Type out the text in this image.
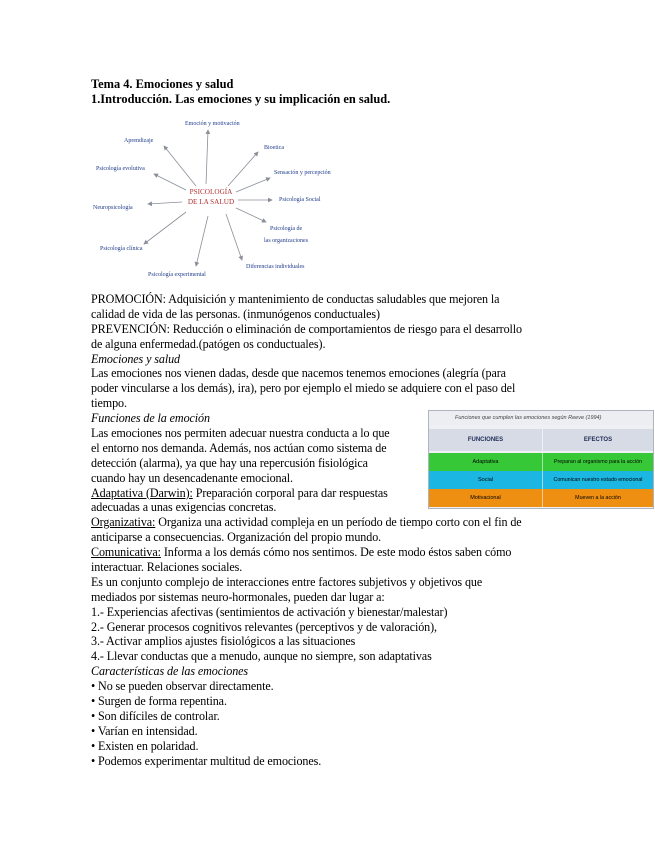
Tema 4. Emociones y salud
1.Introducción. Las emociones y su implicación en salud.
PSICOLOGÍA
DE LA SALUD
Emoción y motivación
Aprendizaje
Bioetica
Psicología evolutiva
Sensación y percepción
Neuropsicología
Psicología Social
Psicología de
las organizaciones
Psicología clínica
Diferencias individuales
Psicología experimental
Funciones que cumplen las emociones según Reeve (1994)
FUNCIONES	EFECTOS
Adaptativa	Preparan al organismo para la acción
Social	Comunican nuestro estado emocional
Motivacional	Mueven a la acción
PROMOCIÓN: Adquisición y mantenimiento de conductas saludables que mejoren la
calidad de vida de las personas. (inmunógenos conductuales)
PREVENCIÓN: Reducción o eliminación de comportamientos de riesgo para el desarrollo
de alguna enfermedad.(patógen os conductuales).
Emociones y salud
Las emociones nos vienen dadas, desde que nacemos tenemos emociones (alegría (para
poder vincularse a los demás), ira), pero por ejemplo el miedo se adquiere con el paso del
tiempo.
Funciones de la emoción
Las emociones nos permiten adecuar nuestra conducta a lo que
el entorno nos demanda. Además, nos actúan como sistema de
detección (alarma), ya que hay una repercusión fisiológica
cuando hay un desencadenante emocional.
Adaptativa (Darwin): Preparación corporal para dar respuestas
adecuadas a unas exigencias concretas.
Organizativa: Organiza una actividad compleja en un período de tiempo corto con el fin de
anticiparse a consecuencias. Organización del propio mundo.
Comunicativa: Informa a los demás cómo nos sentimos. De este modo éstos saben cómo
interactuar. Relaciones sociales.
Es un conjunto complejo de interacciones entre factores subjetivos y objetivos que
mediados por sistemas neuro-hormonales, pueden dar lugar a:
1.- Experiencias afectivas (sentimientos de activación y bienestar/malestar)
2.- Generar procesos cognitivos relevantes (perceptivos y de valoración),
3.- Activar amplios ajustes fisiológicos a las situaciones
4.- Llevar conductas que a menudo, aunque no siempre, son adaptativas
Características de las emociones
• No se pueden observar directamente.
• Surgen de forma repentina.
• Son difíciles de controlar.
• Varían en intensidad.
• Existen en polaridad.
• Podemos experimentar multitud de emociones.
